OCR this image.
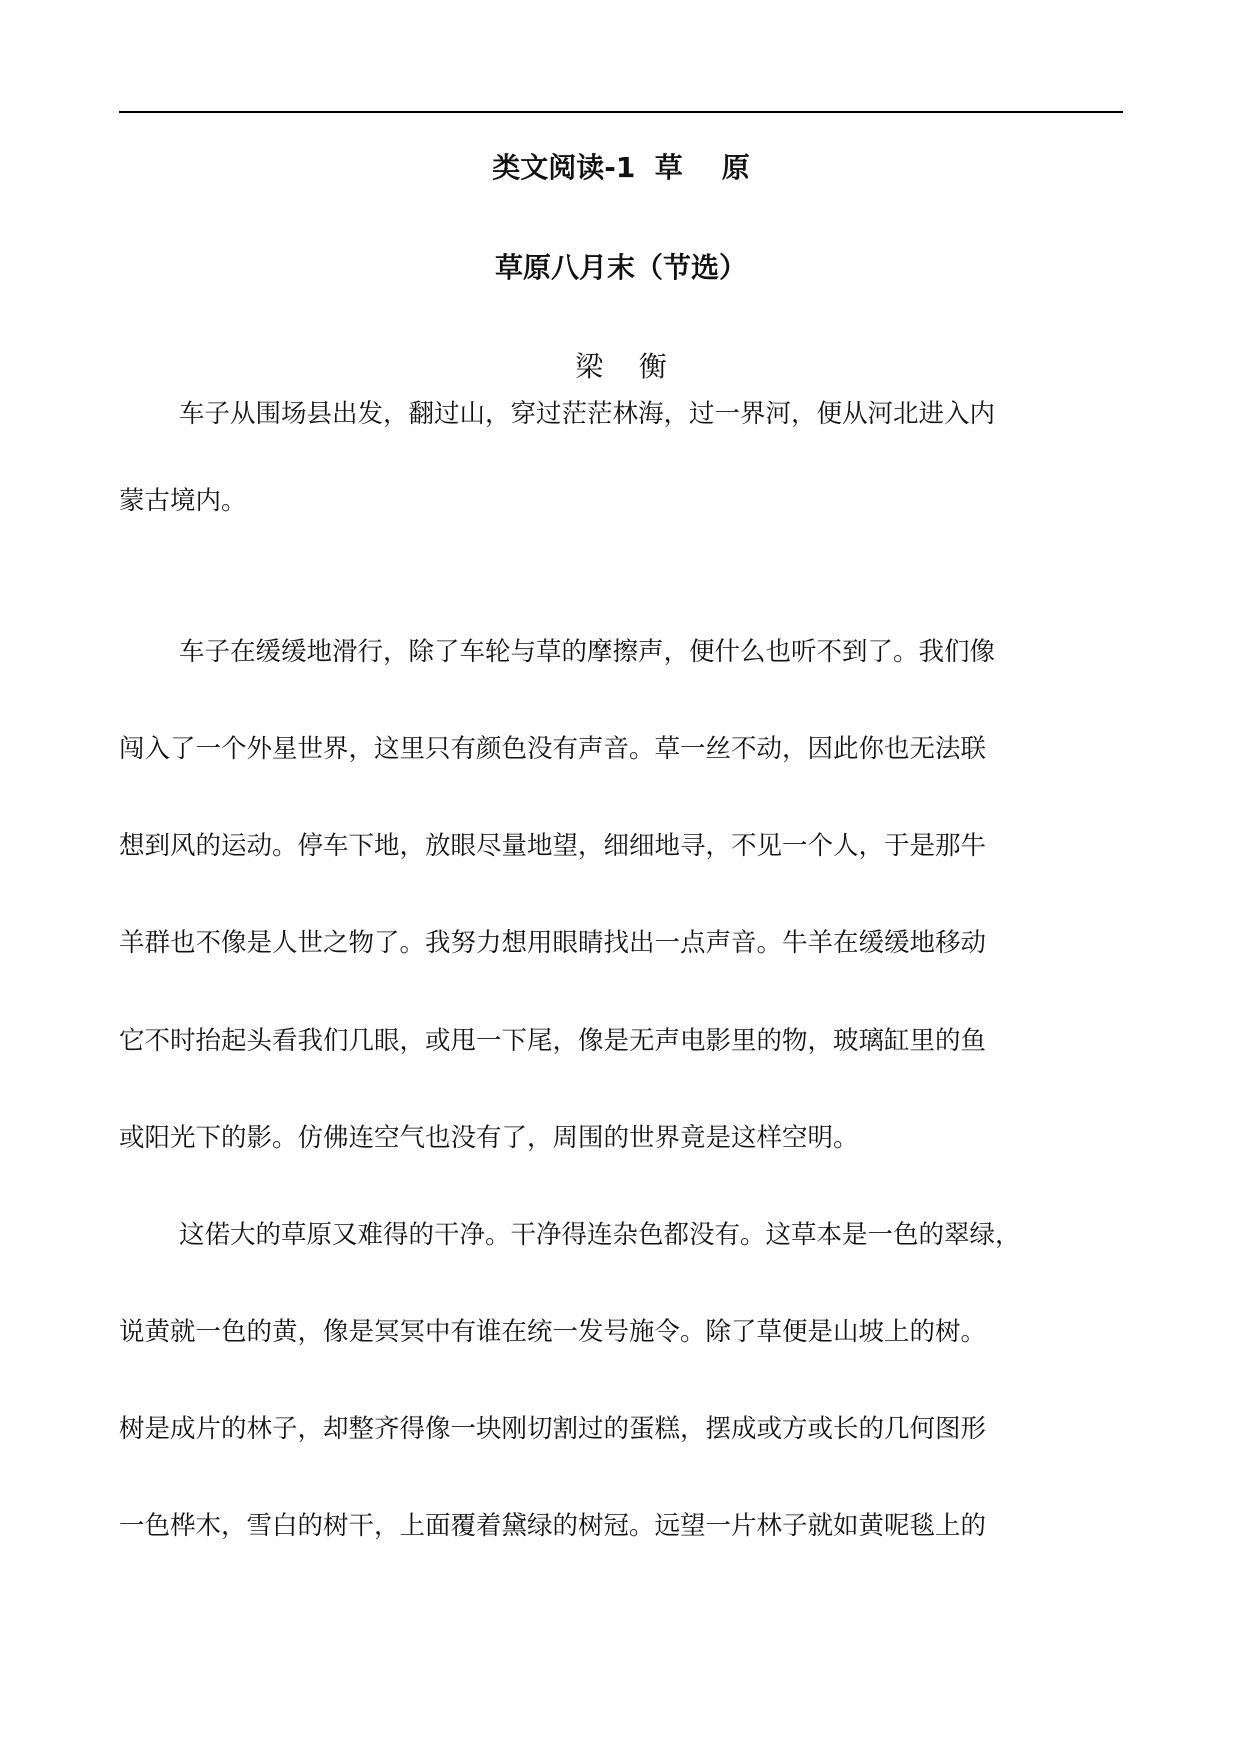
类文阅读-1  草    原
草原八月末（节选）
梁    衡
车子从围场县出发，翻过山，穿过茫茫林海，过一界河，便从河北进入内
蒙古境内。
车子在缓缓地滑行，除了车轮与草的摩擦声，便什么也听不到了。我们像
闯入了一个外星世界，这里只有颜色没有声音。草一丝不动，因此你也无法联
想到风的运动。停车下地，放眼尽量地望，细细地寻，不见一个人，于是那牛
羊群也不像是人世之物了。我努力想用眼睛找出一点声音。牛羊在缓缓地移动
它不时抬起头看我们几眼，或甩一下尾，像是无声电影里的物，玻璃缸里的鱼
或阳光下的影。仿佛连空气也没有了，周围的世界竟是这样空明。
这偌大的草原又难得的干净。干净得连杂色都没有。这草本是一色的翠绿，
说黄就一色的黄，像是冥冥中有谁在统一发号施令。除了草便是山坡上的树。
树是成片的林子，却整齐得像一块刚切割过的蛋糕，摆成或方或长的几何图形
一色桦木，雪白的树干，上面覆着黛绿的树冠。远望一片林子就如黄呢毯上的
